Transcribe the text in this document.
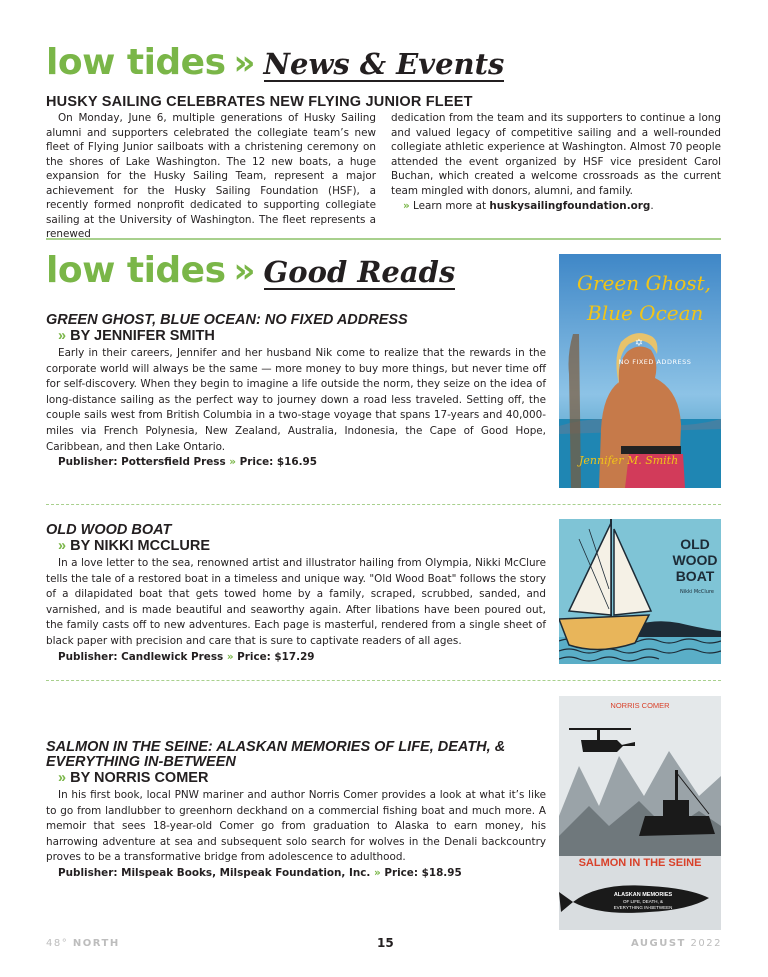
low tides » News & Events
HUSKY SAILING CELEBRATES NEW FLYING JUNIOR FLEET

On Monday, June 6, multiple generations of Husky Sailing alumni and supporters celebrated the collegiate team’s new fleet of Flying Junior sailboats with a christening ceremony on the shores of Lake Washington. The 12 new boats, a huge expansion for the Husky Sailing Team, represent a major achievement for the Husky Sailing Foundation (HSF), a recently formed nonprofit dedicated to supporting collegiate sailing at the University of Washington. The fleet represents a renewed

dedication from the team and its supporters to continue a long and valued legacy of competitive sailing and a well-rounded collegiate athletic experience at Washington. Almost 70 people attended the event organized by HSF vice president Carol Buchan, which created a welcome crossroads as the current team mingled with donors, alumni, and family.

» Learn more at huskysailingfoundation.org.
low tides » Good Reads
GREEN GHOST, BLUE OCEAN: NO FIXED ADDRESS
» BY JENNIFER SMITH

Early in their careers, Jennifer and her husband Nik come to realize that the rewards in the corporate world will always be the same — more money to buy more things, but never time off for self-discovery. When they begin to imagine a life outside the norm, they seize on the idea of long-distance sailing as the perfect way to journey down a road less traveled. Setting off, the couple sails west from British Columbia in a two-stage voyage that spans 17-years and 40,000-miles via French Polynesia, New Zealand, Australia, Indonesia, the Cape of Good Hope, Caribbean, and then Lake Ontario.

Publisher: Pottersfield Press » Price: $16.95
Green Ghost,
Blue Ocean
✡
NO FIXED ADDRESS
Jennifer M. Smith
OLD WOOD BOAT
» BY NIKKI MCCLURE

In a love letter to the sea, renowned artist and illustrator hailing from Olympia, Nikki McClure tells the tale of a restored boat in a timeless and unique way. "Old Wood Boat" follows the story of a dilapidated boat that gets towed home by a family, scraped, scrubbed, sanded, and varnished, and is made beautiful and seaworthy again. After libations have been poured out, the family casts off to new adventures. Each page is masterful, rendered from a single sheet of black paper with precision and care that is sure to captivate readers of all ages.

Publisher: Candlewick Press » Price: $17.29
OLD
WOOD
BOAT
Nikki McClure
SALMON IN THE SEINE: ALASKAN MEMORIES OF LIFE, DEATH, & EVERYTHING IN-BETWEEN
» BY NORRIS COMER

In his first book, local PNW mariner and author Norris Comer provides a look at what it’s like to go from landlubber to greenhorn deckhand on a commercial fishing boat and much more. A memoir that sees 18-year-old Comer go from graduation to Alaska to earn money, his harrowing adventure at sea and subsequent solo search for wolves in the Denali backcountry proves to be a transformative bridge from adolescence to adulthood.

Publisher: Milspeak Books, Milspeak Foundation, Inc. » Price: $18.95
NORRIS COMER
SALMON IN THE SEINE
ALASKAN MEMORIES
OF LIFE, DEATH, &
EVERYTHING IN-BETWEEN
48° NORTH	15	AUGUST 2022
